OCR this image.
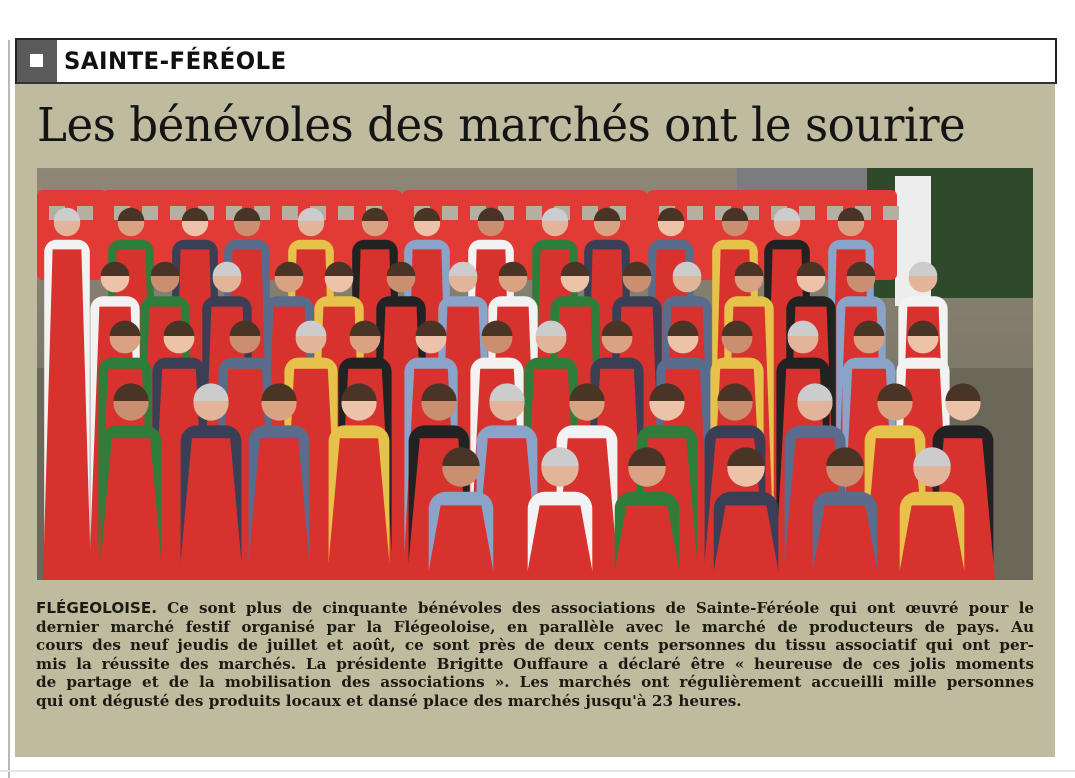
SAINTE-FÉRÉOLE
Les bénévoles des marchés ont le sourire
FLÉGEOLOISE. Ce sont plus de cinquante bénévoles des associations de Sainte-Féréole qui ont œuvré pour le
dernier marché festif organisé par la Flégeoloise, en parallèle avec le marché de producteurs de pays. Au
cours des neuf jeudis de juillet et août, ce sont près de deux cents personnes du tissu associatif qui ont per-
mis la réussite des marchés. La présidente Brigitte Ouffaure a déclaré être « heureuse de ces jolis moments
de partage et de la mobilisation des associations ». Les marchés ont régulièrement accueilli mille personnes
qui ont dégusté des produits locaux et dansé place des marchés jusqu'à 23 heures.
